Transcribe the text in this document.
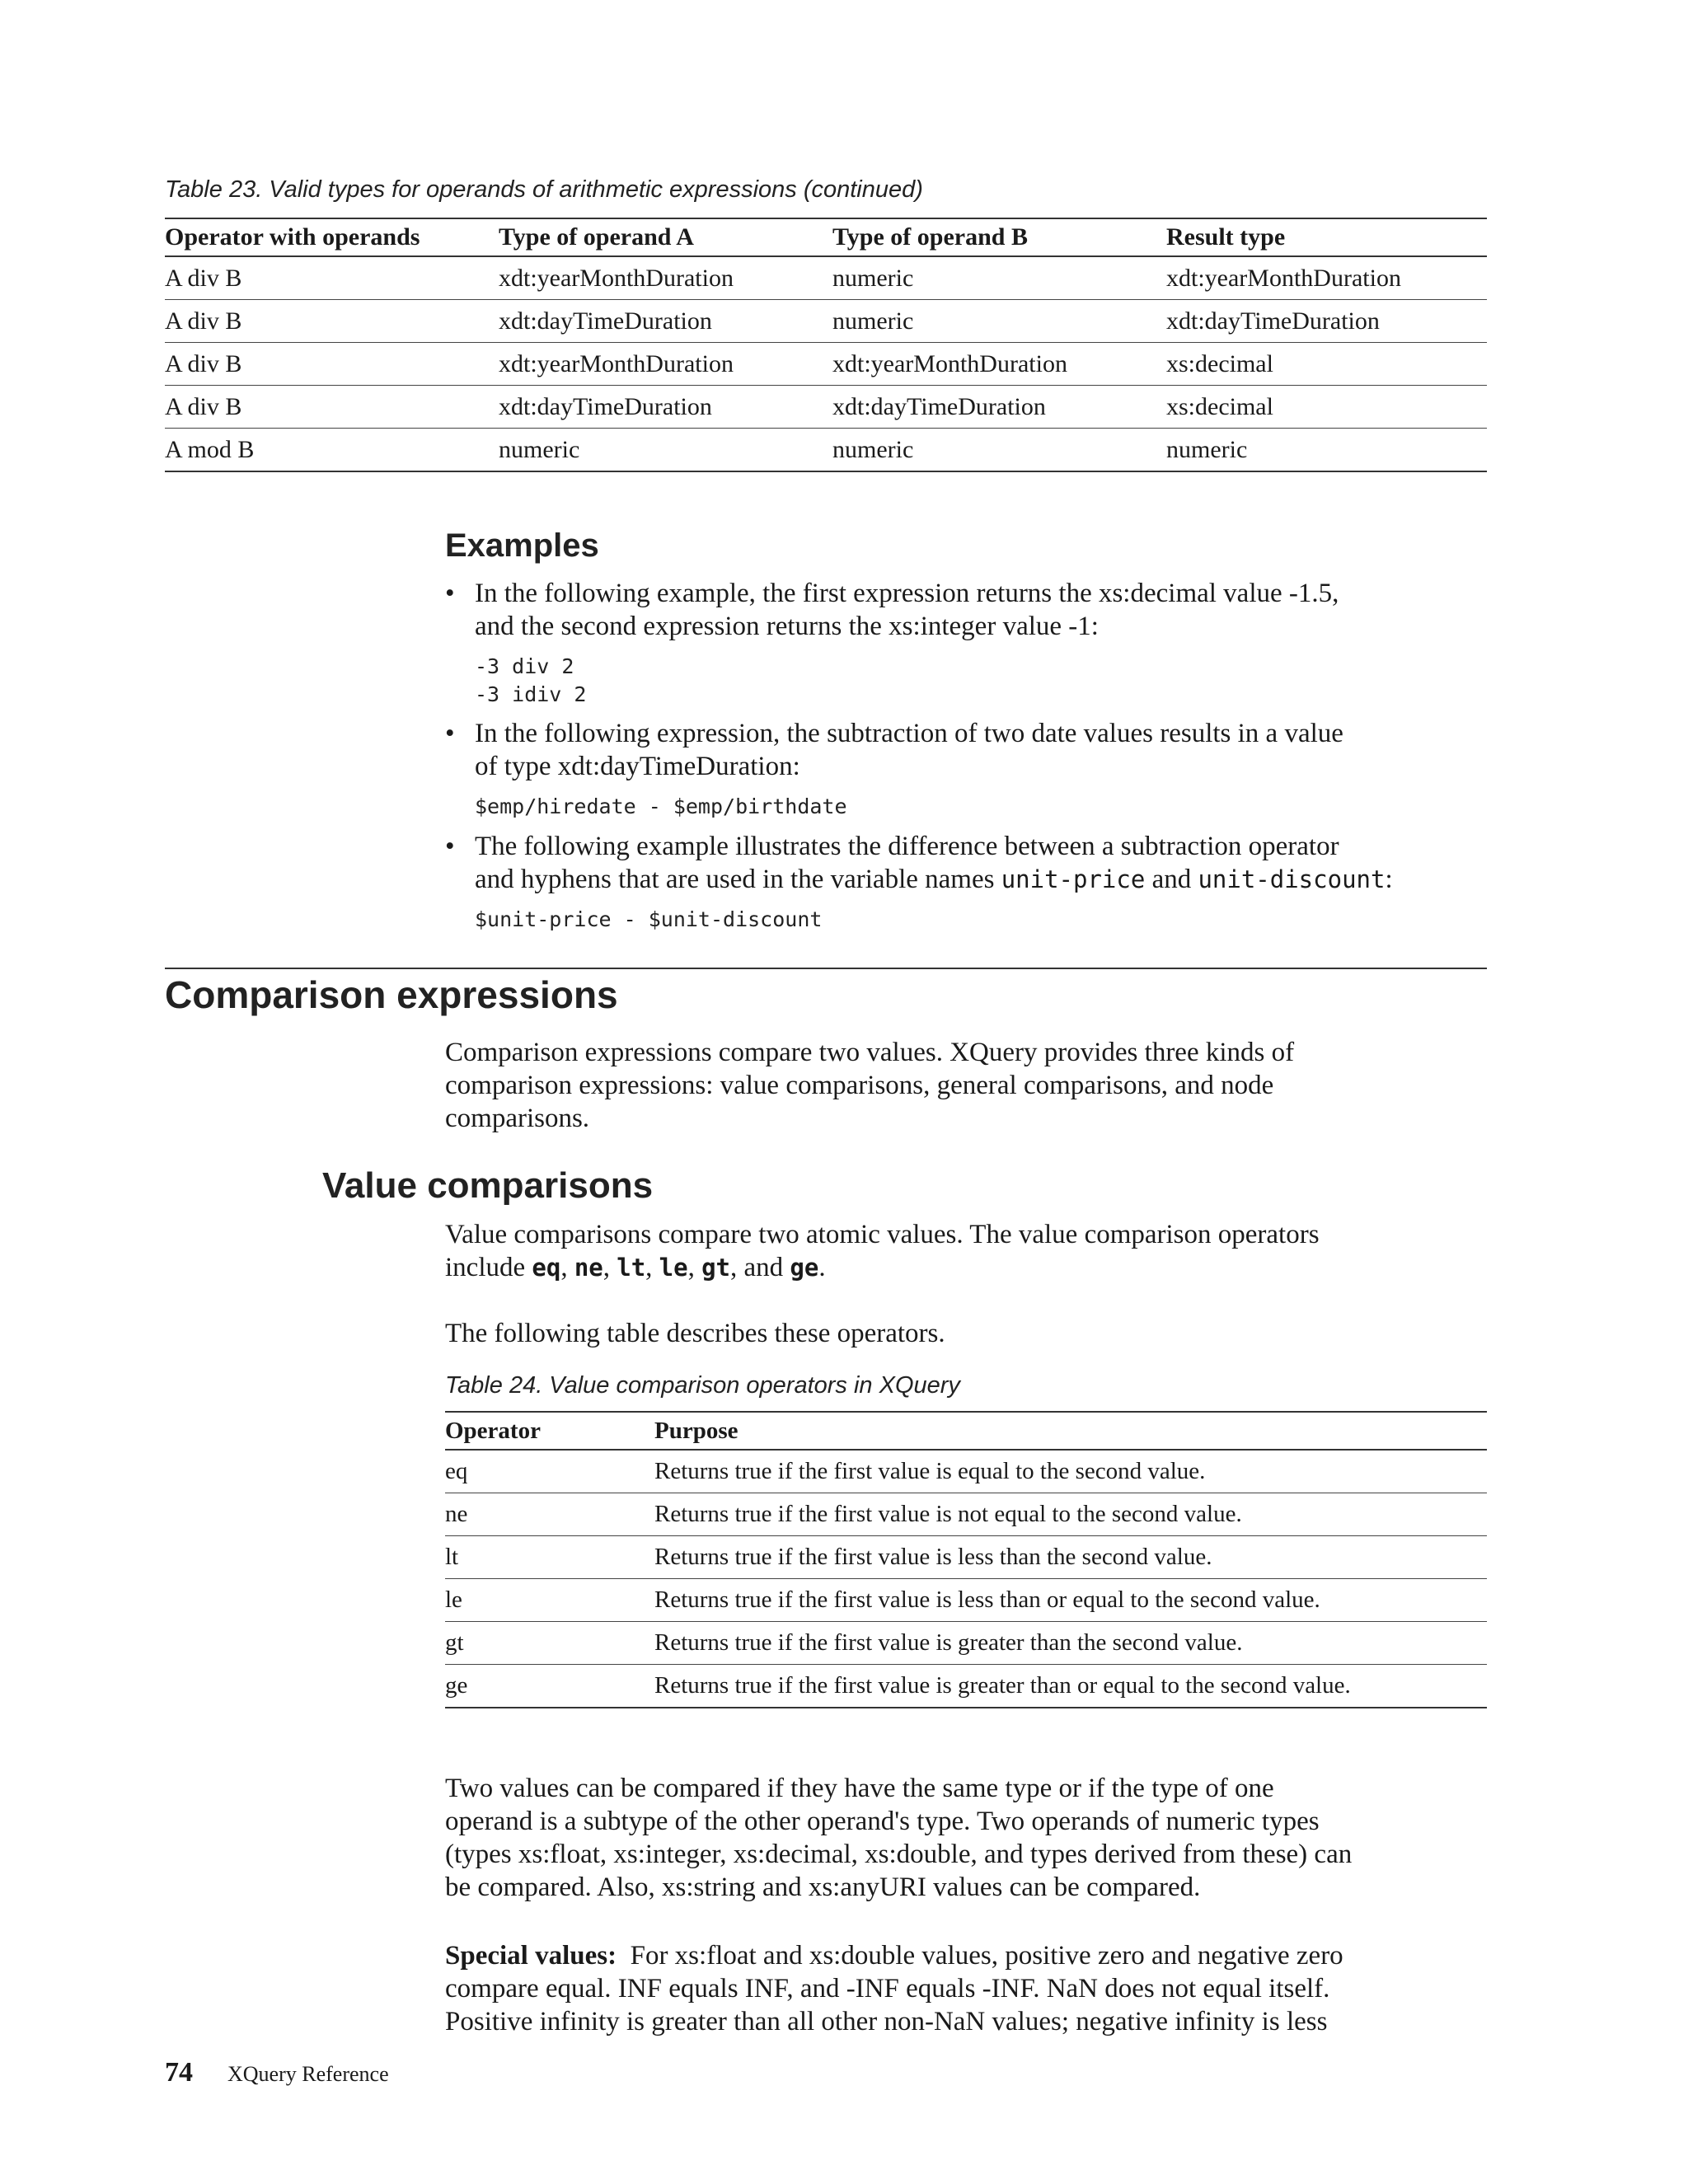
Table 23. Valid types for operands of arithmetic expressions (continued)
Operator with operands	Type of operand A	Type of operand B	Result type
A div B	xdt:yearMonthDuration	numeric	xdt:yearMonthDuration
A div B	xdt:dayTimeDuration	numeric	xdt:dayTimeDuration
A div B	xdt:yearMonthDuration	xdt:yearMonthDuration	xs:decimal
A div B	xdt:dayTimeDuration	xdt:dayTimeDuration	xs:decimal
A mod B	numeric	numeric	numeric
Examples
• In the following example, the first expression returns the xs:decimal value -1.5,
and the second expression returns the xs:integer value -1:
-3 div 2
-3 idiv 2
• In the following expression, the subtraction of two date values results in a value
of type xdt:dayTimeDuration:
$emp/hiredate - $emp/birthdate
• The following example illustrates the difference between a subtraction operator
and hyphens that are used in the variable names unit-price and unit-discount:
$unit-price - $unit-discount
Comparison expressions
Comparison expressions compare two values. XQuery provides three kinds of
comparison expressions: value comparisons, general comparisons, and node
comparisons.
Value comparisons
Value comparisons compare two atomic values. The value comparison operators
include eq, ne, lt, le, gt, and ge.
The following table describes these operators.
Table 24. Value comparison operators in XQuery
Operator	Purpose
eq	Returns true if the first value is equal to the second value.
ne	Returns true if the first value is not equal to the second value.
lt	Returns true if the first value is less than the second value.
le	Returns true if the first value is less than or equal to the second value.
gt	Returns true if the first value is greater than the second value.
ge	Returns true if the first value is greater than or equal to the second value.
Two values can be compared if they have the same type or if the type of one
operand is a subtype of the other operand's type. Two operands of numeric types
(types xs:float, xs:integer, xs:decimal, xs:double, and types derived from these) can
be compared. Also, xs:string and xs:anyURI values can be compared.
Special values:  For xs:float and xs:double values, positive zero and negative zero
compare equal. INF equals INF, and -INF equals -INF. NaN does not equal itself.
Positive infinity is greater than all other non-NaN values; negative infinity is less
74 XQuery Reference
